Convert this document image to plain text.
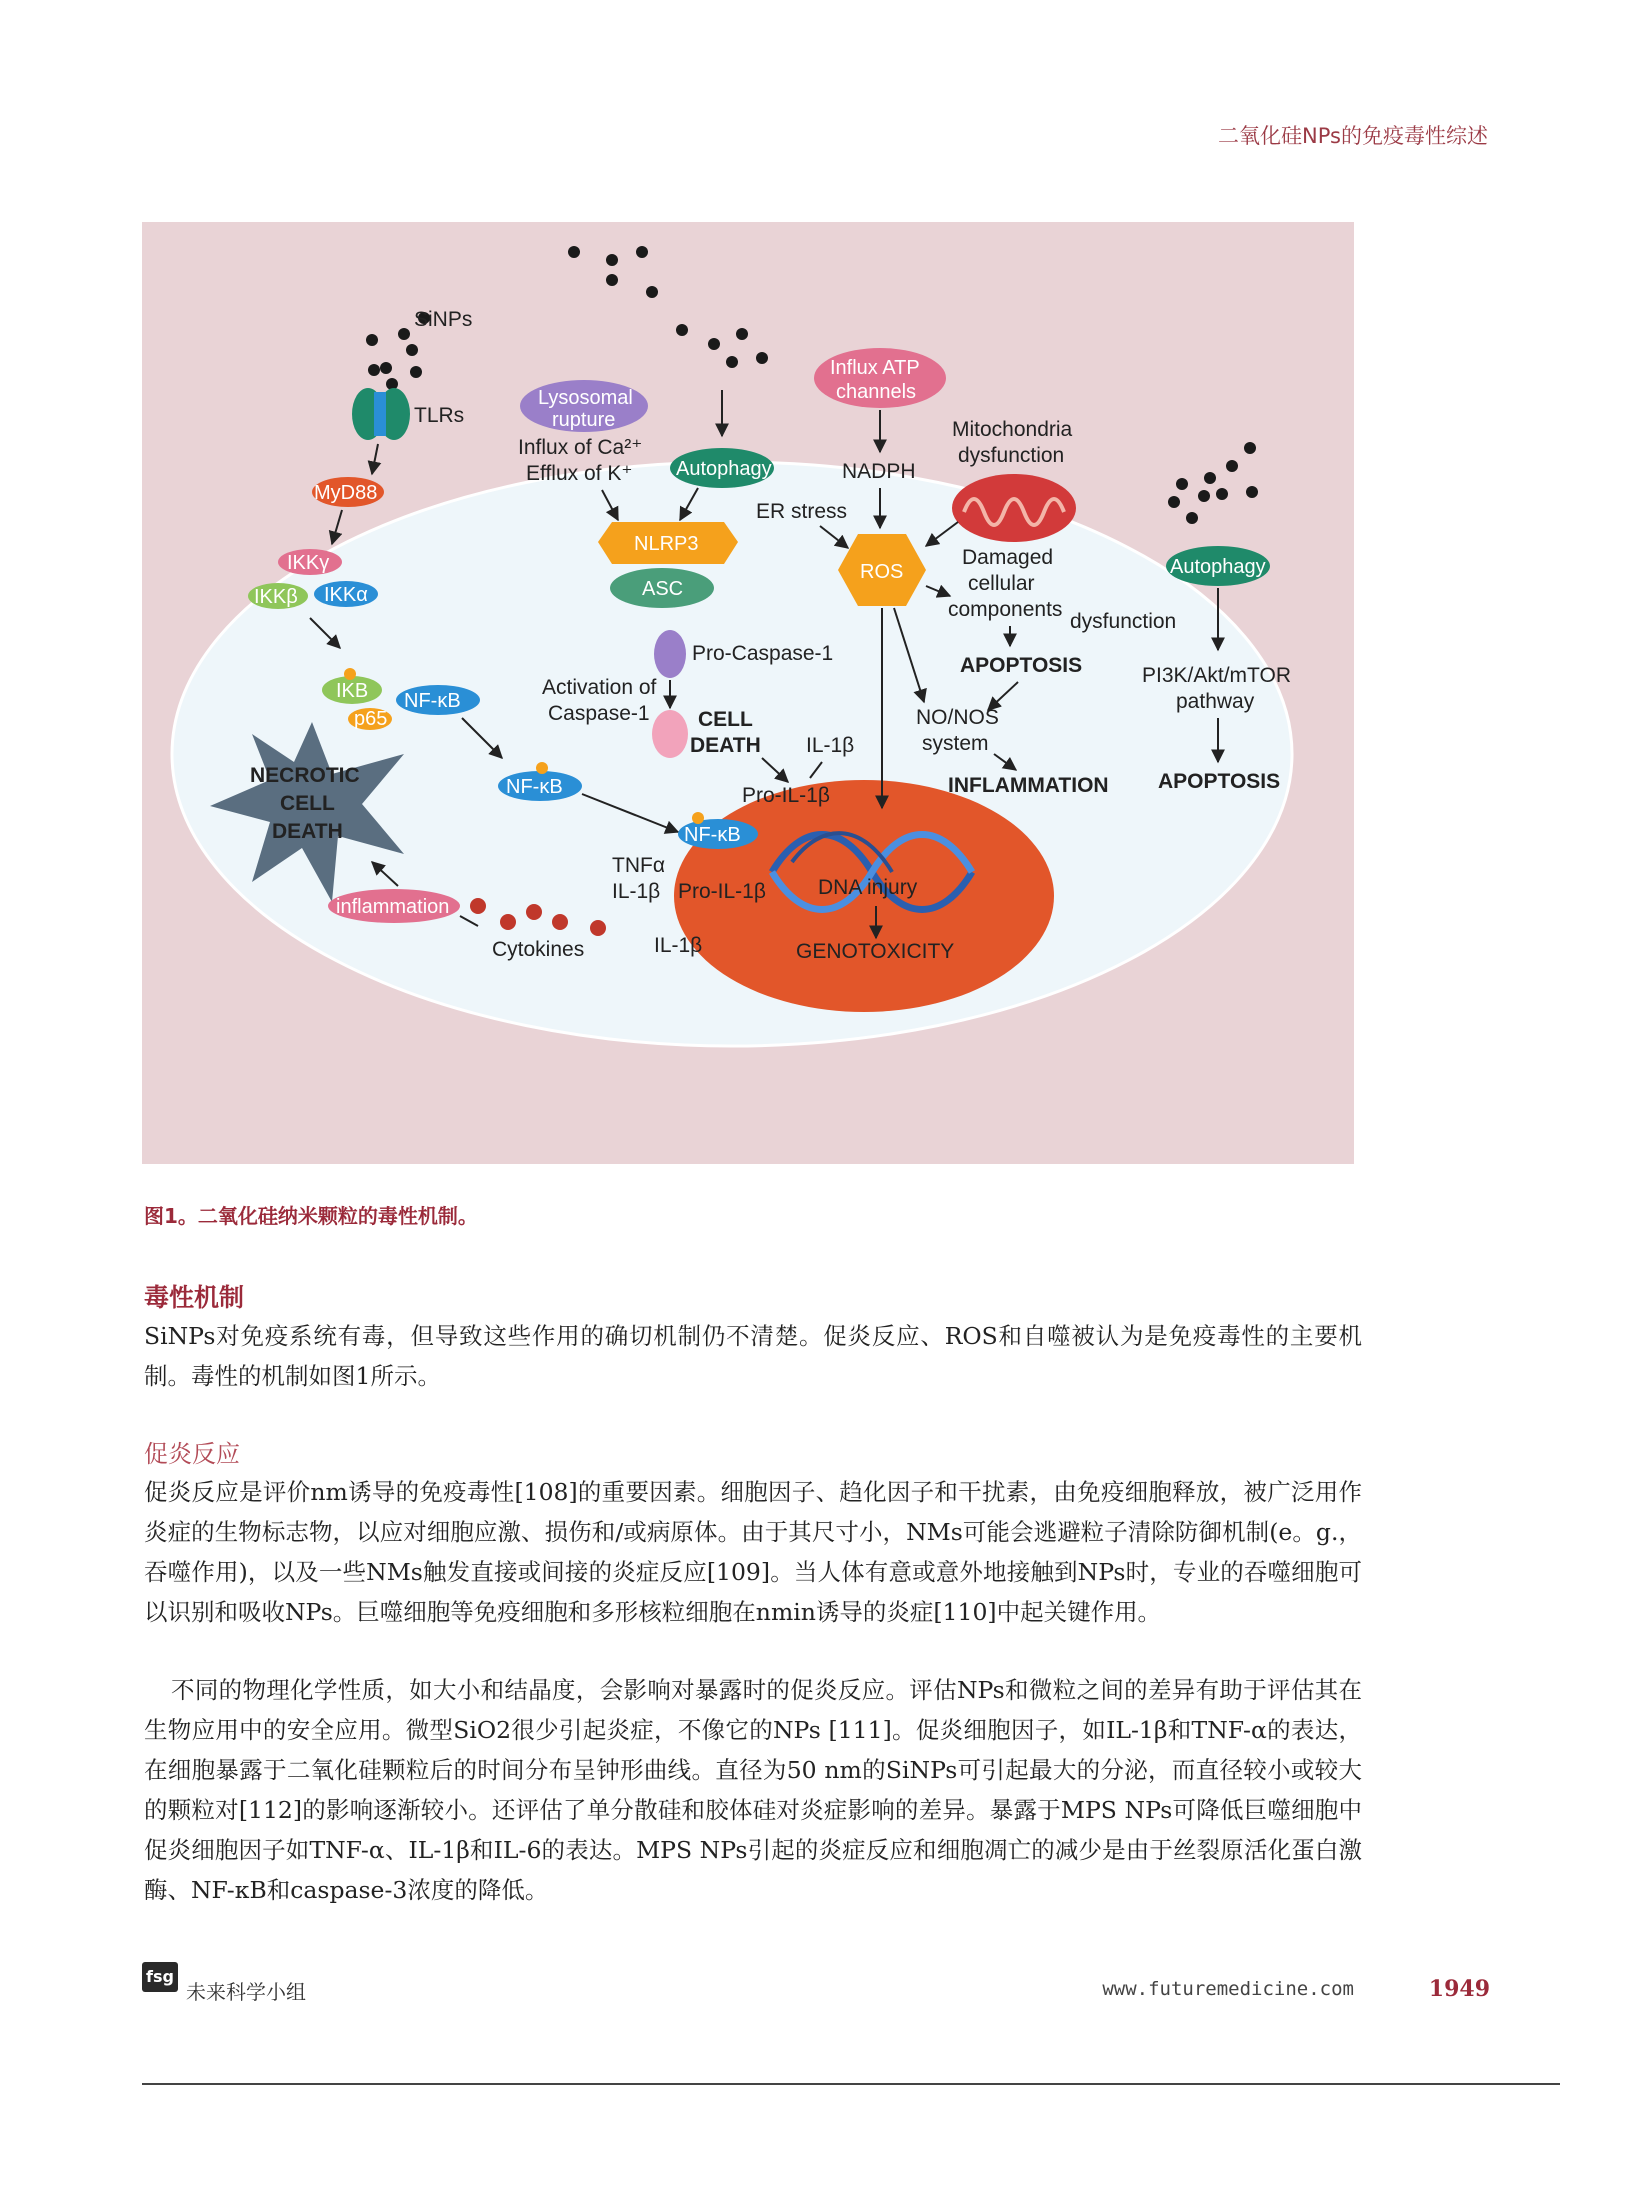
二氧化硅NPs的免疫毒性综述
SiNPs
TLRs
MyD88
IKKγ
IKKβ IKKα
IKB
p65
NF-κB
NF-κB
NECROTIC
CELL
DEATH
inflammation
Cytokines
Lysosomal
rupture
Influx of Ca²⁺
Efflux of K⁺ Autophagy
NLRP3
ASC
Pro-Caspase-1
Activation of
Caspase-1 CELL
DEATH IL-1β
Pro-IL-1β
NF-κB
TNFα
IL-1β Pro-IL-1β
IL-1β
DNA injury
GENOTOXICITY
Influx ATP
channels
NADPH
ER stress
ROS
Mitochondria
dysfunction
Damaged
cellular
components
APOPTOSIS
NO/NOS
system
INFLAMMATION
Autophagy
dysfunction
PI3K/Akt/mTOR
pathway
APOPTOSIS
图1。二氧化硅纳米颗粒的毒性机制。
毒性机制

SiNPs对免疫系统有毒，但导致这些作用的确切机制仍不清楚。促炎反应、ROS和自噬被认为是免疫毒性的主要机制。毒性的机制如图1所示。

促炎反应

促炎反应是评价nm诱导的免疫毒性[108]的重要因素。细胞因子、趋化因子和干扰素，由免疫细胞释放，被广泛用作炎症的生物标志物，以应对细胞应激、损伤和/或病原体。由于其尺寸小，NMs可能会逃避粒子清除防御机制(e。g.， 吞噬作用)，以及一些NMs触发直接或间接的炎症反应[109]。当人体有意或意外地接触到NPs时，专业的吞噬细胞可以识别和吸收NPs。巨噬细胞等免疫细胞和多形核粒细胞在nmin诱导的炎症[110]中起关键作用。

不同的物理化学性质，如大小和结晶度，会影响对暴露时的促炎反应。评估NPs和微粒之间的差异有助于评估其在生物应用中的安全应用。微型SiO2很少引起炎症，不像它的NPs [111]。促炎细胞因子，如IL-1β和TNF-α的表达，在细胞暴露于二氧化硅颗粒后的时间分布呈钟形曲线。直径为50 nm的SiNPs可引起最大的分泌，而直径较小或较大的颗粒对[112]的影响逐渐较小。还评估了单分散硅和胶体硅对炎症影响的差异。暴露于MPS NPs可降低巨噬细胞中促炎细胞因子如TNF-α、IL-1β和IL-6的表达。MPS NPs引起的炎症反应和细胞凋亡的减少是由于丝裂原活化蛋白激酶、NF-κB和caspase-3浓度的降低。

fsg
未来科学小组	www.futuremedicine.com	1949
